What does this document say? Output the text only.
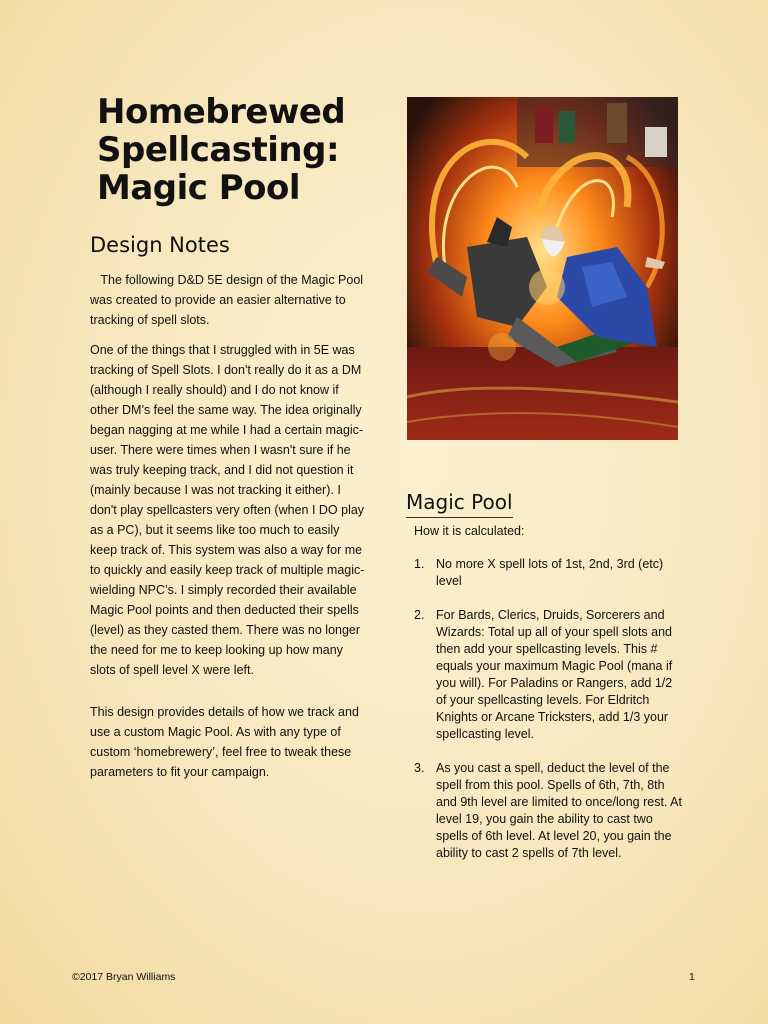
Homebrewed
Spellcasting:
Magic Pool
Design Notes

The following D&D 5E design of the Magic Pool was created to provide an easier alternative to tracking of spell slots.

One of the things that I struggled with in 5E was tracking of Spell Slots. I don't really do it as a DM (although I really should) and I do not know if other DM’s feel the same way. The idea originally began nagging at me while I had a certain magic-user. There were times when I wasn't sure if he was truly keeping track, and I did not question it (mainly because I was not tracking it either). I don't play spellcasters very often (when I DO play as a PC), but it seems like too much to easily keep track of. This system was also a way for me to quickly and easily keep track of multiple magic-wielding NPC’s. I simply recorded their available Magic Pool points and then deducted their spells (level) as they casted them. There was no longer the need for me to keep looking up how many slots of spell level X were left.

This design provides details of how we track and use a custom Magic Pool. As with any type of custom ‘homebrewery’, feel free to tweak these parameters to fit your campaign.

Magic Pool
How it is calculated:
1. No more X spell lots of 1st, 2nd, 3rd (etc) level
2. For Bards, Clerics, Druids, Sorcerers and Wizards: Total up all of your spell slots and then add your spellcasting levels. This # equals your maximum Magic Pool (mana if you will). For Paladins or Rangers, add 1/2 of your spellcasting levels. For Eldritch Knights or Arcane Tricksters, add 1/3 your spellcasting level.
3. As you cast a spell, deduct the level of the spell from this pool. Spells of 6th, 7th, 8th and 9th level are limited to once/long rest. At level 19, you gain the ability to cast two spells of 6th level. At level 20, you gain the ability to cast 2 spells of 7th level.
©2017 Bryan Williams	1
